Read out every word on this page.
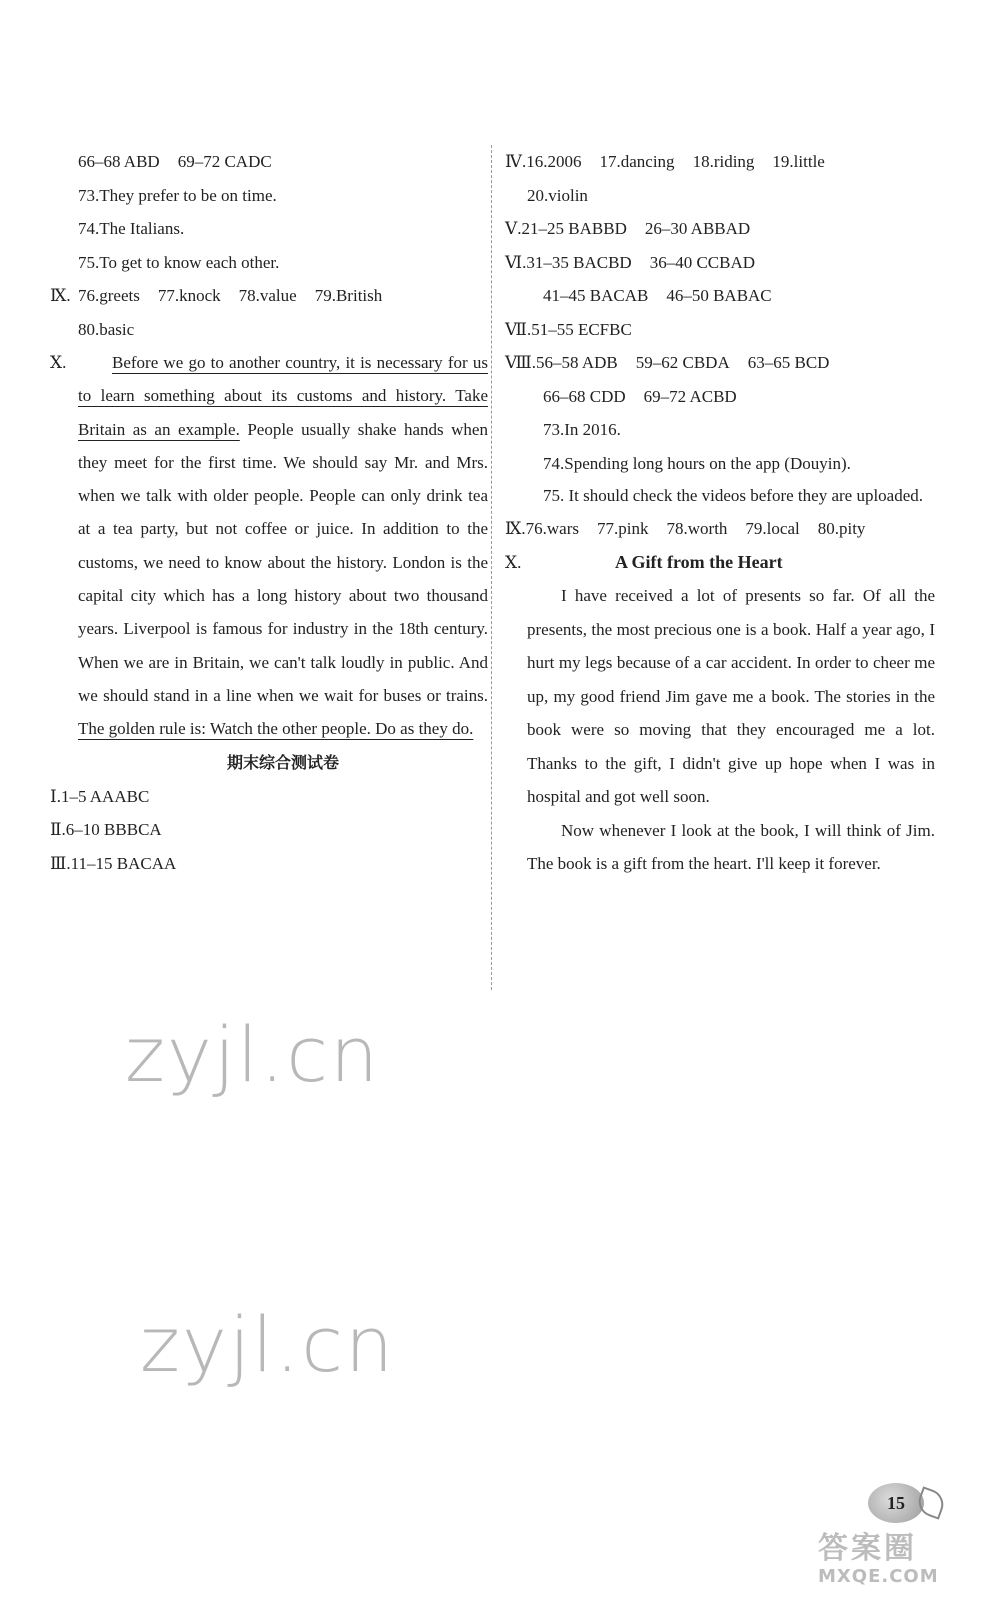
66–68 ABD 69–72 CADC
73.They prefer to be on time.
74.The Italians.
75.To get to know each other.
Ⅸ. 76.greets 77.knock 78.value 79.British
80.basic
Ⅹ.	Before we go to another country, it is necessary for us to learn something about its customs and history. Take Britain as an example. People usually shake hands when they meet for the first time. We should say Mr. and Mrs. when we talk with older people. People can only drink tea at a tea party, but not coffee or juice. In addition to the customs, we need to know about the history. London is the capital city which has a long history about two thousand years. Liverpool is famous for industry in the 18th century. When we are in Britain, we can't talk loudly in public. And we should stand in a line when we wait for buses or trains. The golden rule is: Watch the other people. Do as they do.

期末综合测试卷
Ⅰ.1–5 AAABC
Ⅱ.6–10 BBBCA
Ⅲ.11–15 BACAA
Ⅳ.16.2006 17.dancing 18.riding 19.little
20.violin
Ⅴ.21–25 BABBD 26–30 ABBAD
Ⅵ.31–35 BACBD 36–40 CCBAD
41–45 BACAB 46–50 BABAC
Ⅶ.51–55 ECFBC
Ⅷ.56–58 ADB 59–62 CBDA 63–65 BCD
66–68 CDD 69–72 ACBD
73.In 2016.
74.Spending long hours on the app (Douyin).

75. It should check the videos before they are uploaded.

Ⅸ.76.wars 77.pink 78.worth 79.local 80.pity
Ⅹ.	A Gift from the Heart

I have received a lot of presents so far. Of all the presents, the most precious one is a book. Half a year ago, I hurt my legs because of a car accident. In order to cheer me up, my good friend Jim gave me a book. The stories in the book were so moving that they encouraged me a lot. Thanks to the gift, I didn't give up hope when I was in hospital and got well soon.

Now whenever I look at the book, I will think of Jim. The book is a gift from the heart. I'll keep it forever.

zyjl.cn
zyjl.cn
15
答案圈
MXQE.COM
